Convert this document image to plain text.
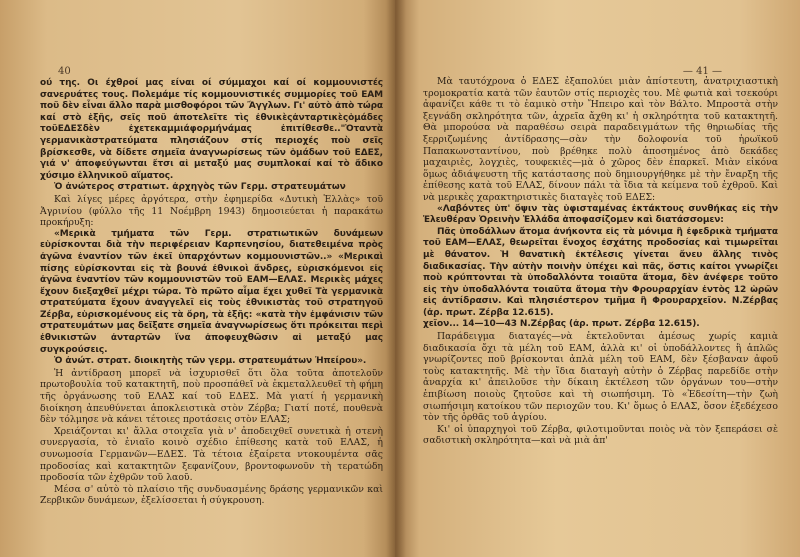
40

ού της. Οι έχθροί μας είναι οί σύμμαχοι καί οί κομμουνιστές σανερυάτες τους. Πολεμάμε τίς κομμουνιστικές συμμορίες τοῦ ΕΑΜ ποῦ δὲν εἶναι ἄλλο παρὰ μισθοφόροι τῶν Ἄγγλων. Γι' αὐτὸ ἀπὸ τώρα καί στὸ ἑξῆς, σεῖς ποῦ ἀποτελεῖτε τὶς ἐθνικὲςἀνταρτικὲςὁμάδες τοῦΕΔΕΣδὲν ἐχετεκαμμιάφορμήνάμας ἐπιτίθεσθε.."Ὁταντὰ γερμανικὰστρατεύματα πλησιάζουν στίς περιοχές ποὺ σεῖς βρίσκεσθε, νὰ δίδετε σημεῖα ἀναγνωρίσεως τῶν ὁμάδων τοῦ ΕΔΕΣ, γιά ν' ἀποφεύγωνται ἔτσι αἱ μεταξύ μας συμπλοκαί καί τὸ ἄδικο χύσιμο ἑλληνικοῦ αἵματος.

Ὁ ἀνώτερος στρατιωτ. ἀρχηγὸς τῶν Γερμ. στρατευμάτων

Καὶ λίγες μέρες ἀργότερα, στὴν ἐφημερίδα «Δυτικὴ Ἑλλὰς» τοῦ Ἀγρινίου (φύλλο τῆς 11 Νοέμβρη 1943) δημοσιεύεται ἡ παρακάτω προκήρυξη:

«Μερικὰ τμήματα τῶν Γερμ. στρατιωτικῶν δυνάμεων εὑρίσκονται διὰ τὴν περιφέρειαν Καρπενησίου, διατεθειμένα πρὸς ἀγῶνα ἐναντίον τῶν ἐκεῖ ὑπαρχόντων κομμουνιστῶν..» «Μερικαὶ πίσης εὑρίσκονται εἰς τὰ βουνά ἐθνικοὶ ἄνδρες, εὑρισκόμενοι εἰς ἀγῶνα ἐναντίον τῶν κομμουνιστῶν τοῦ ΕΑΜ—ΕΛΑΣ. Μερικὲς μάχες ἔχουν διεξαχθεῖ μέχρι τώρα. Τὸ πρῶτο αἷμα ἔχει χυθεῖ Τὰ γερμανικὰ στρατεύματα ἔχουν ἀναγγελεῖ εἰς τοὺς ἐθνικιστὰς τοῦ στρατηγοῦ Ζέρβα, εὑρισκομένους εἰς τὰ ὄρη, τὰ ἑξῆς: «κατὰ τὴν ἐμφάνισιν τῶν στρατευμάτων μας δεῖξατε σημεῖα ἀναγνωρίσεως ὅτι πρόκειται περὶ ἐθνικιστῶν ἀνταρτῶν ἵνα ἀποφευχθῶσιν αἱ μεταξύ μας συγκρούσεις.

Ὁ ἀνώτ. στρατ. διοικητὴς τῶν γερμ. στρατευμάτων Ἠπείρου».

Ἡ ἀντίδραση μπορεῖ νὰ ἰσχυρισθεῖ ὅτι ὅλα τοῦτα ἀποτελοῦν πρωτοβουλία τοῦ κατακτητῆ, ποὺ προσπάθεῖ νὰ ἐκμεταλλευθεῖ τὴ φήμη τῆς ὀργάνωσης τοῦ ΕΛΑΣ καί τοῦ ΕΔΕΣ. Μὰ γιατί ἡ γερμανικὴ διοίκηση ἀπευθύνεται ἀποκλειστικὰ στὸν Ζέρβα; Γιατί ποτέ, πουθενὰ δὲν τόλμησε νὰ κάνει τέτοιες προτάσεις στὸν ΕΛΑΣ;

Χρειάζονται κι' ἄλλα στοιχεῖα γιὰ ν' ἀποδειχθεῖ συνετικὰ ἡ στενὴ συνεργασία, τὸ ἑνιαῖο κοινὸ σχέδιο ἐπίθεσης κατὰ τοῦ ΕΛΑΣ, ἡ συνωμοσία Γερμανῶν—ΕΔΕΣ. Τὰ τέτοια ἐξαίρετα ντοκουμέντα σᾶς προδοσίας καὶ κατακτητῶν ξεφανίζουν, βροντοφωνοῦν τὴ τερατώδη προδοσία τῶν ἐχθρῶν τοῦ λαοῦ.

Μέσα σ' αὐτὸ τὸ πλαίσιο τῆς συνδυασμένης δράσης γερμανικῶν καὶ Ζερβικῶν δυνάμεων, ἐξελίσσεται ἡ σύγκρουση.

— 41 —

Μὰ ταυτόχρονα ὁ ΕΔΕΣ ἐξαπολύει μιὰν ἀπίστευτη, ἀνατριχιαστικὴ τρομοκρατία κατὰ τῶν ἑαυτῶν στίς περιοχὲς του. Μὲ φωτιὰ καὶ τσεκούρι ἀφανίζει κάθε τι τὸ ἐαμικὸ στὴν Ἤπειρο καὶ τὸν Βάλτο. Μπροστὰ στὴν ξεγνάδη σκληρότητα τῶν, ἀχρεῖα ἄχθη κι' ἡ σκληρότητα τοῦ κατακτητῆ. Θὰ μπορούσα νὰ παραθέσω σειρὰ παραδειγμάτων τῆς θηριωδίας τῆς ξερριζωμένης ἀντίδρασης—σὰν τὴν δολοφονία τοῦ ἡρωϊκοῦ Παπακωνσταντίνου, ποὺ βρέθηκε πολὺ ἀποσημένος ἀπὸ δεκάδες μαχαιριὲς, λογχιὲς, τουφεκιὲς—μὰ ὁ χῶρος δὲν ἐπαρκεῖ. Μιὰν εἰκόνα ὅμως ἀδιάψευστη τῆς κατάστασης ποὺ δημιουργήθηκε μὲ τὴν ἔναρξη τῆς ἐπίθεσης κατὰ τοῦ ΕΛΑΣ, δίνουν πάλι τὰ ἴδια τὰ κείμενα τοῦ ἐχθροῦ. Καὶ νὰ μερικὲς χαρακτηριστικὲς διαταγὲς τοῦ ΕΔΕΣ:

«Λαβόντες ὑπ' ὄψιν τὰς ὑφισταμένας ἐκτάκτους συνθήκας εἰς τὴν Ἐλευθέραν Ὀρεινὴν Ἑλλάδα ἀποφασίζομεν καὶ διατάσσομεν:

Πᾶς ὑποδάλλων ἄτομα ἀνήκοντα εἰς τὰ μόνιμα ἢ ἐφεδρικὰ τμήματα τοῦ ΕΑΜ—ΕΛΑΣ, θεωρεῖται ἔνοχος ἐσχάτης προδοσίας καὶ τιμωρεῖται μὲ θάνατον. Ἡ θανατικὴ ἐκτέλεσις γίνεται ἄνευ ἄλλης τινὸς διαδικασίας. Τὴν αὐτὴν ποινὴν ὑπέχει καὶ πᾶς, ὅστις καίτοι γνωρίζει ποὺ κρύπτονται τὰ ὑποδαλλόντα τοιαῦτα ἄτομα, δὲν ἀνέφερε τοῦτο εἰς τὴν ὑποδαλλόντα τοιαῦτα ἄτομα τὴν Φρουραρχίαν ἐντὸς 12 ὡρῶν εἰς ἀντίδρασιν. Καὶ πλησιέστερον τμῆμα ἢ Φρουραρχεῖον. Ν.Ζέρβας (ἀρ. πρωτ. Ζέρβα 12.615).

χεῖον... 14—10—43 Ν.Ζέρβας (ἀρ. πρωτ. Ζέρβα 12.615).

Παράδειγμα διαταγές—νὰ ἐκτελοῦνται ἀμέσως χωρίς καμιὰ διαδικασία ὄχι τὰ μέλη τοῦ ΕΑΜ, ἀλλὰ κι' οἱ ὑποδάλλοντες ἢ ἁπλῶς γνωρίζοντες ποῦ βρίσκονται ἀπλὰ μέλη τοῦ ΕΑΜ, δὲν ξέσβαναν ἀφοῦ τοὺς κατακτητῆς. Μὲ τὴν ἴδια διαταγὴ αὐτὴν ὁ Ζέρβας παρεδίδε στὴν ἀναρχία κι' ἀπειλοῦσε τὴν δίκαιη ἐκτέλεση τῶν ὀργάνων του—στὴν ἐπιβίωση ποιοὺς ζητοῦσε καὶ τὴ σιωπήσιμη. Τὸ «Ἐδεσίτη—τὴν ζωὴ σιωπήσιμη κατοίκου τῶν περιοχῶν του. Κι' ὅμως ὁ ΕΛΑΣ, ὅσον ἐξεδέχεσο τὸν τῆς ὀρθᾶς τοῦ ἀγρίου.

Κι' οἱ ὑπαρχηγοὶ τοῦ Ζέρβα, φιλοτιμοῦνται ποιὸς νὰ τὸν ξεπεράσει σὲ σαδιστικὴ σκληρότητα—καὶ νὰ μιὰ ἀπ'
